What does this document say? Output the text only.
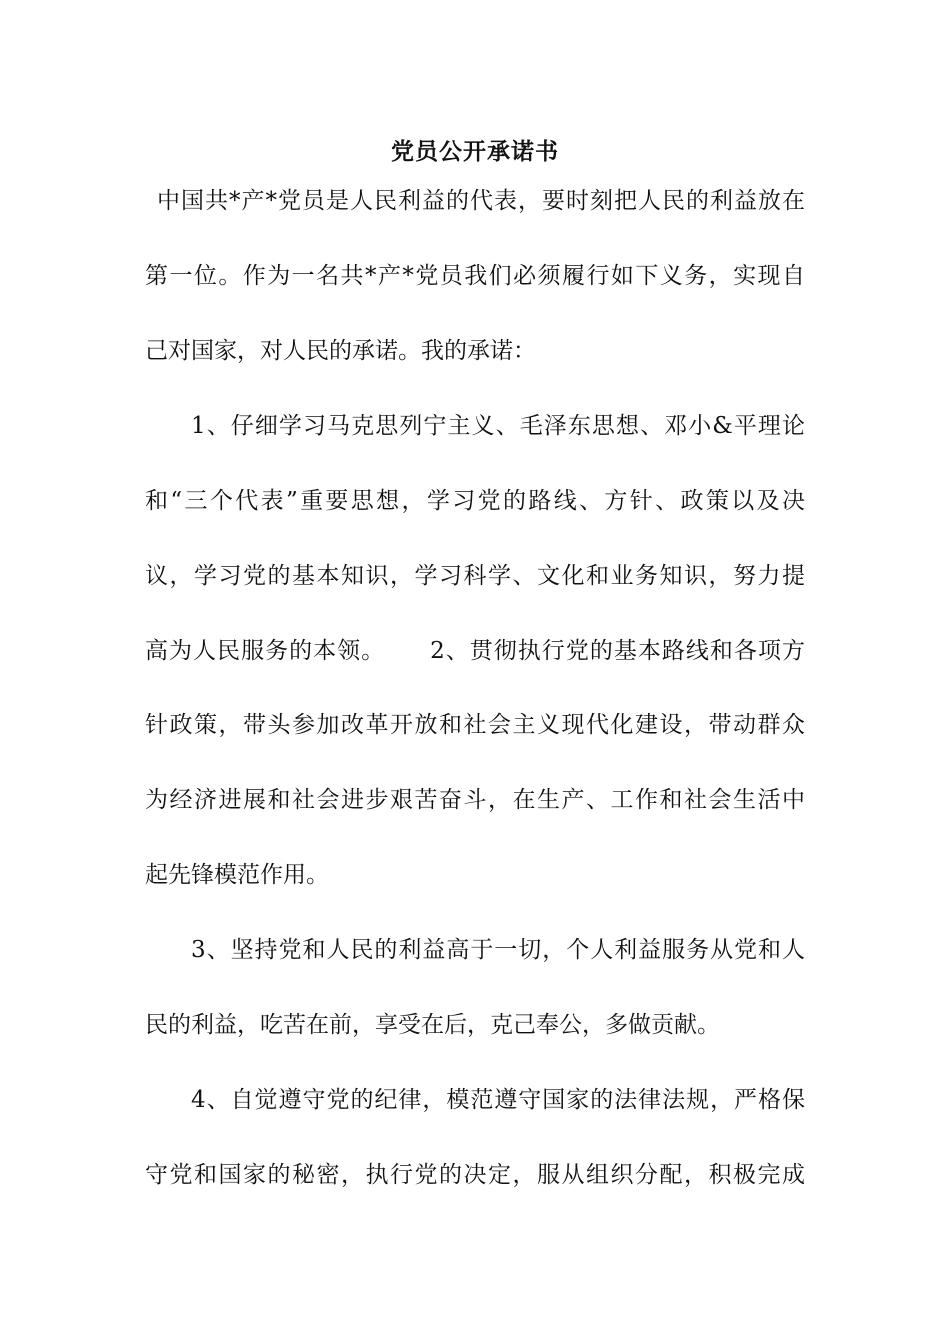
党员公开承诺书
中国共*产*党员是人民利益的代表，要时刻把人民的利益放在
第一位。作为一名共*产*党员我们必须履行如下义务，实现自
己对国家，对人民的承诺。我的承诺：
1、仔细学习马克思列宁主义、毛泽东思想、邓小&平理论
和“三个代表”重要思想，学习党的路线、方针、政策以及决
议，学习党的基本知识，学习科学、文化和业务知识，努力提
高为人民服务的本领。　　 2、贯彻执行党的基本路线和各项方
针政策，带头参加改革开放和社会主义现代化建设，带动群众
为经济进展和社会进步艰苦奋斗，在生产、工作和社会生活中
起先锋模范作用。
3、坚持党和人民的利益高于一切，个人利益服务从党和人
民的利益，吃苦在前，享受在后，克己奉公，多做贡献。
4、自觉遵守党的纪律，模范遵守国家的法律法规，严格保
守党和国家的秘密，执行党的决定，服从组织分配，积极完成
